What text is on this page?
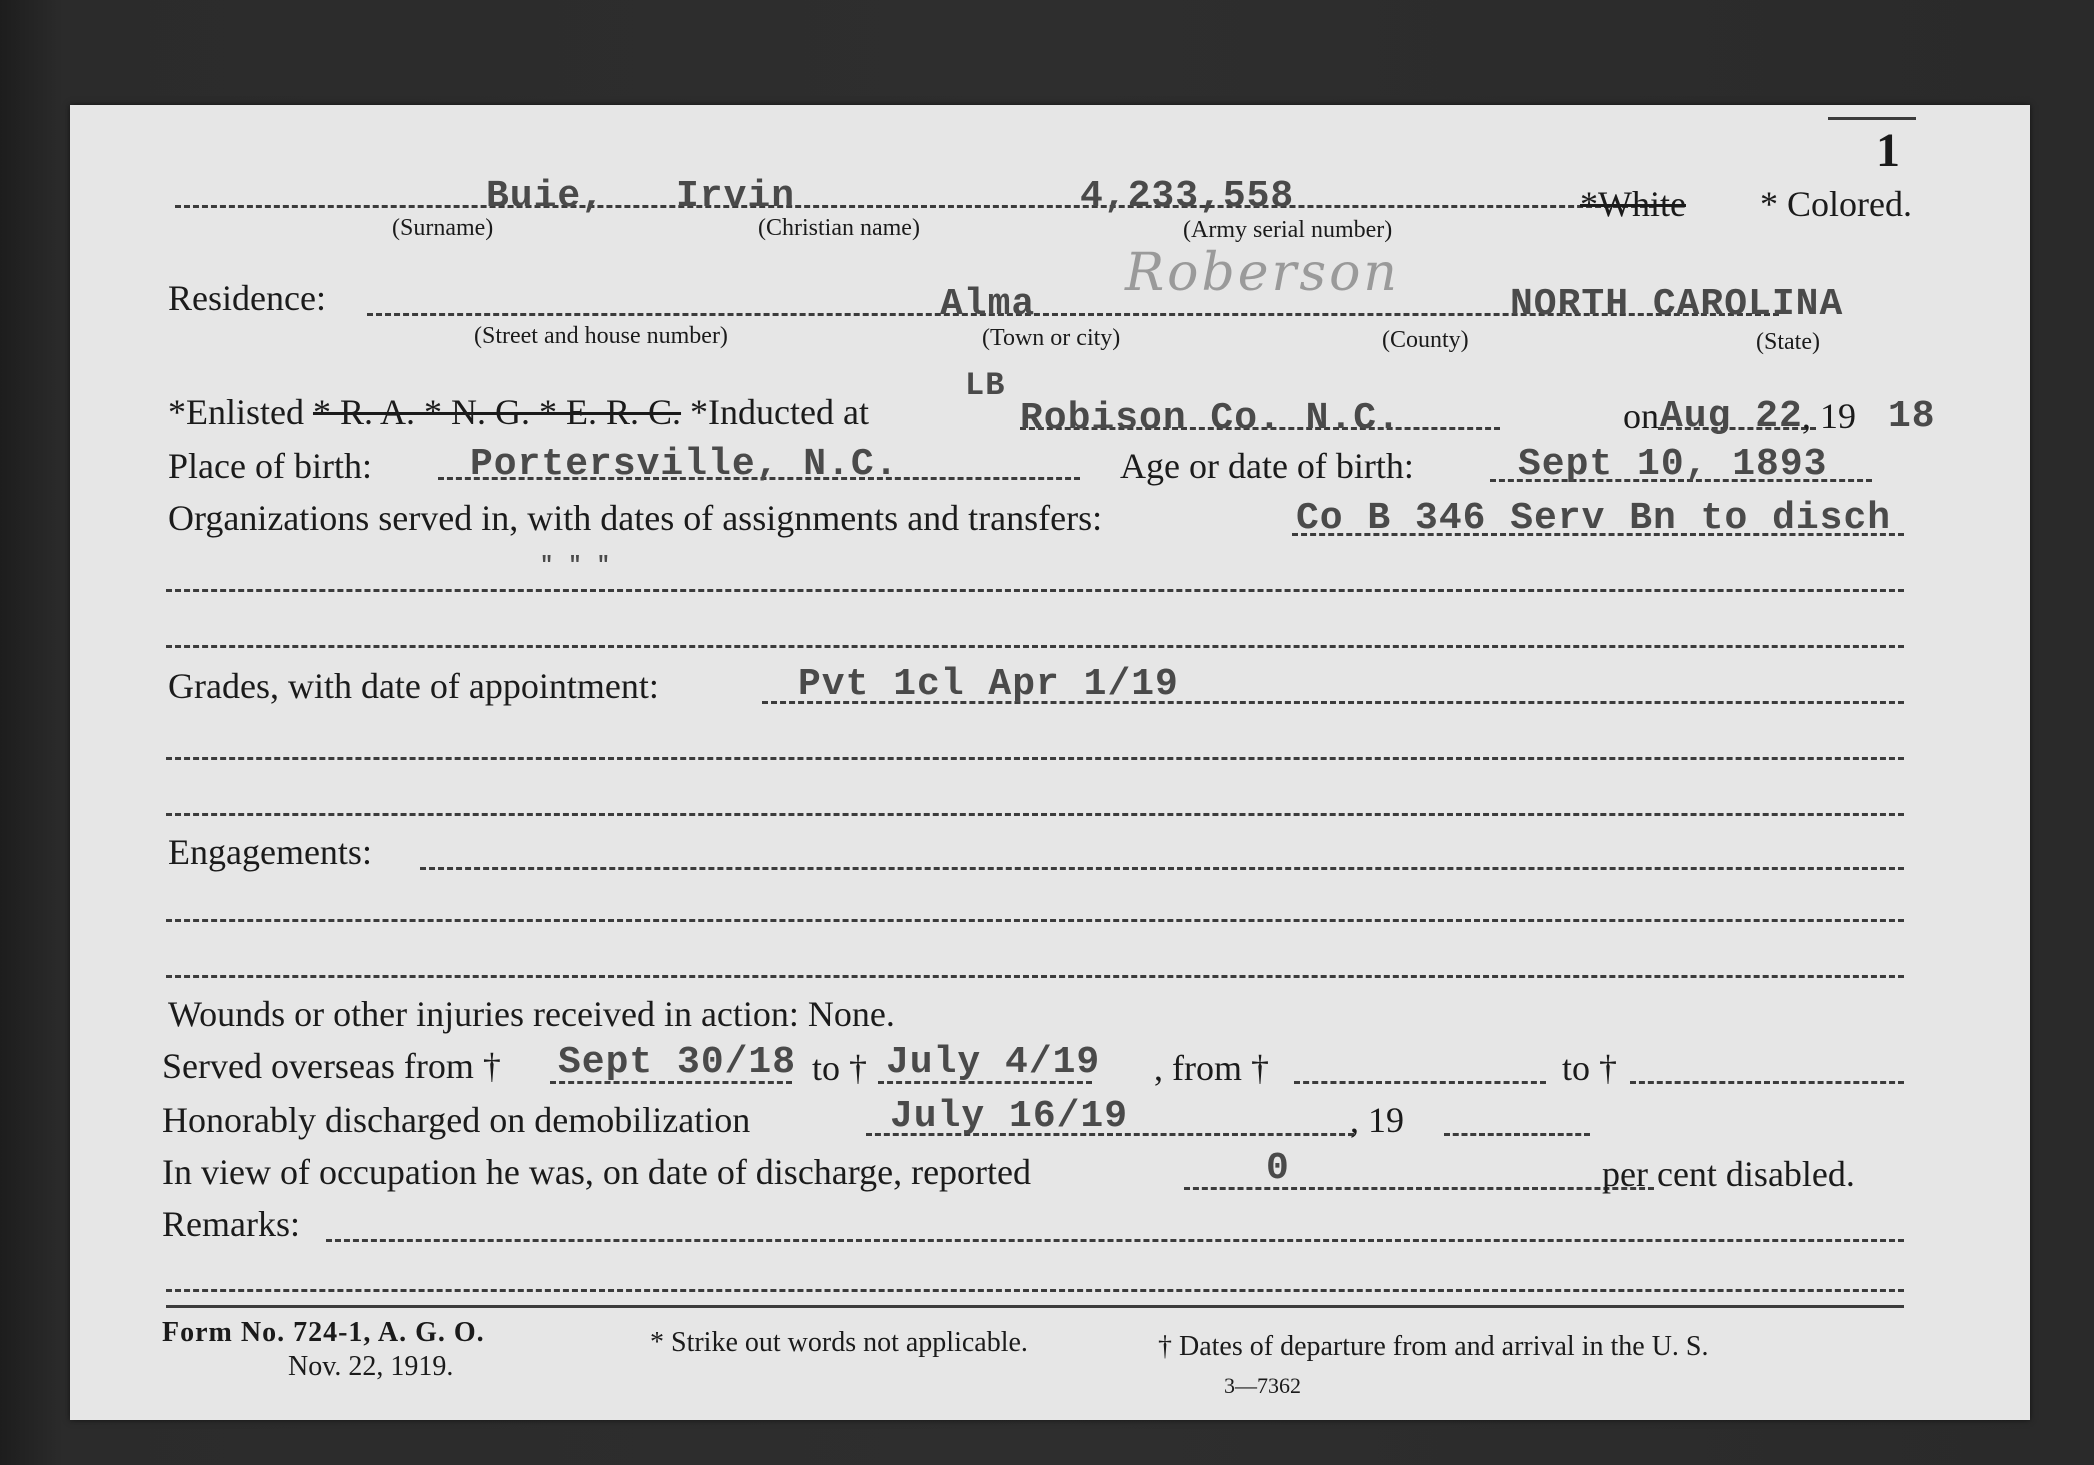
1
Buie, Irvin	4,233,558	*White * Colored.
(Surname)	(Christian name)	(Army serial number)
Residence:	Alma
Roberson
NORTH CAROLINA
(Street and house number)	(Town or city)	(County)	(State)
*Enlisted * R. A. * N. G. * E. R. C. *Inducted at
LB
Robison Co. N.C.	on Aug 22 , 19 18
Place of birth:	Portersville, N.C.	Age or date of birth:	Sept 10, 1893
Organizations served in, with dates of assignments and transfers:	Co B 346 Serv Bn to disch
" " "
Grades, with date of appointment:	Pvt 1cl Apr 1/19
Engagements:
Wounds or other injuries received in action: None.
Served overseas from † Sept 30/18 to † July 4/19 , from †	to †
Honorably discharged on demobilization	July 16/19	, 19
In view of occupation he was, on date of discharge, reported	0	per cent disabled.
Remarks:
Form No. 724-1, A. G. O.
Nov. 22, 1919.
* Strike out words not applicable.	† Dates of departure from and arrival in the U. S.
3—7362
